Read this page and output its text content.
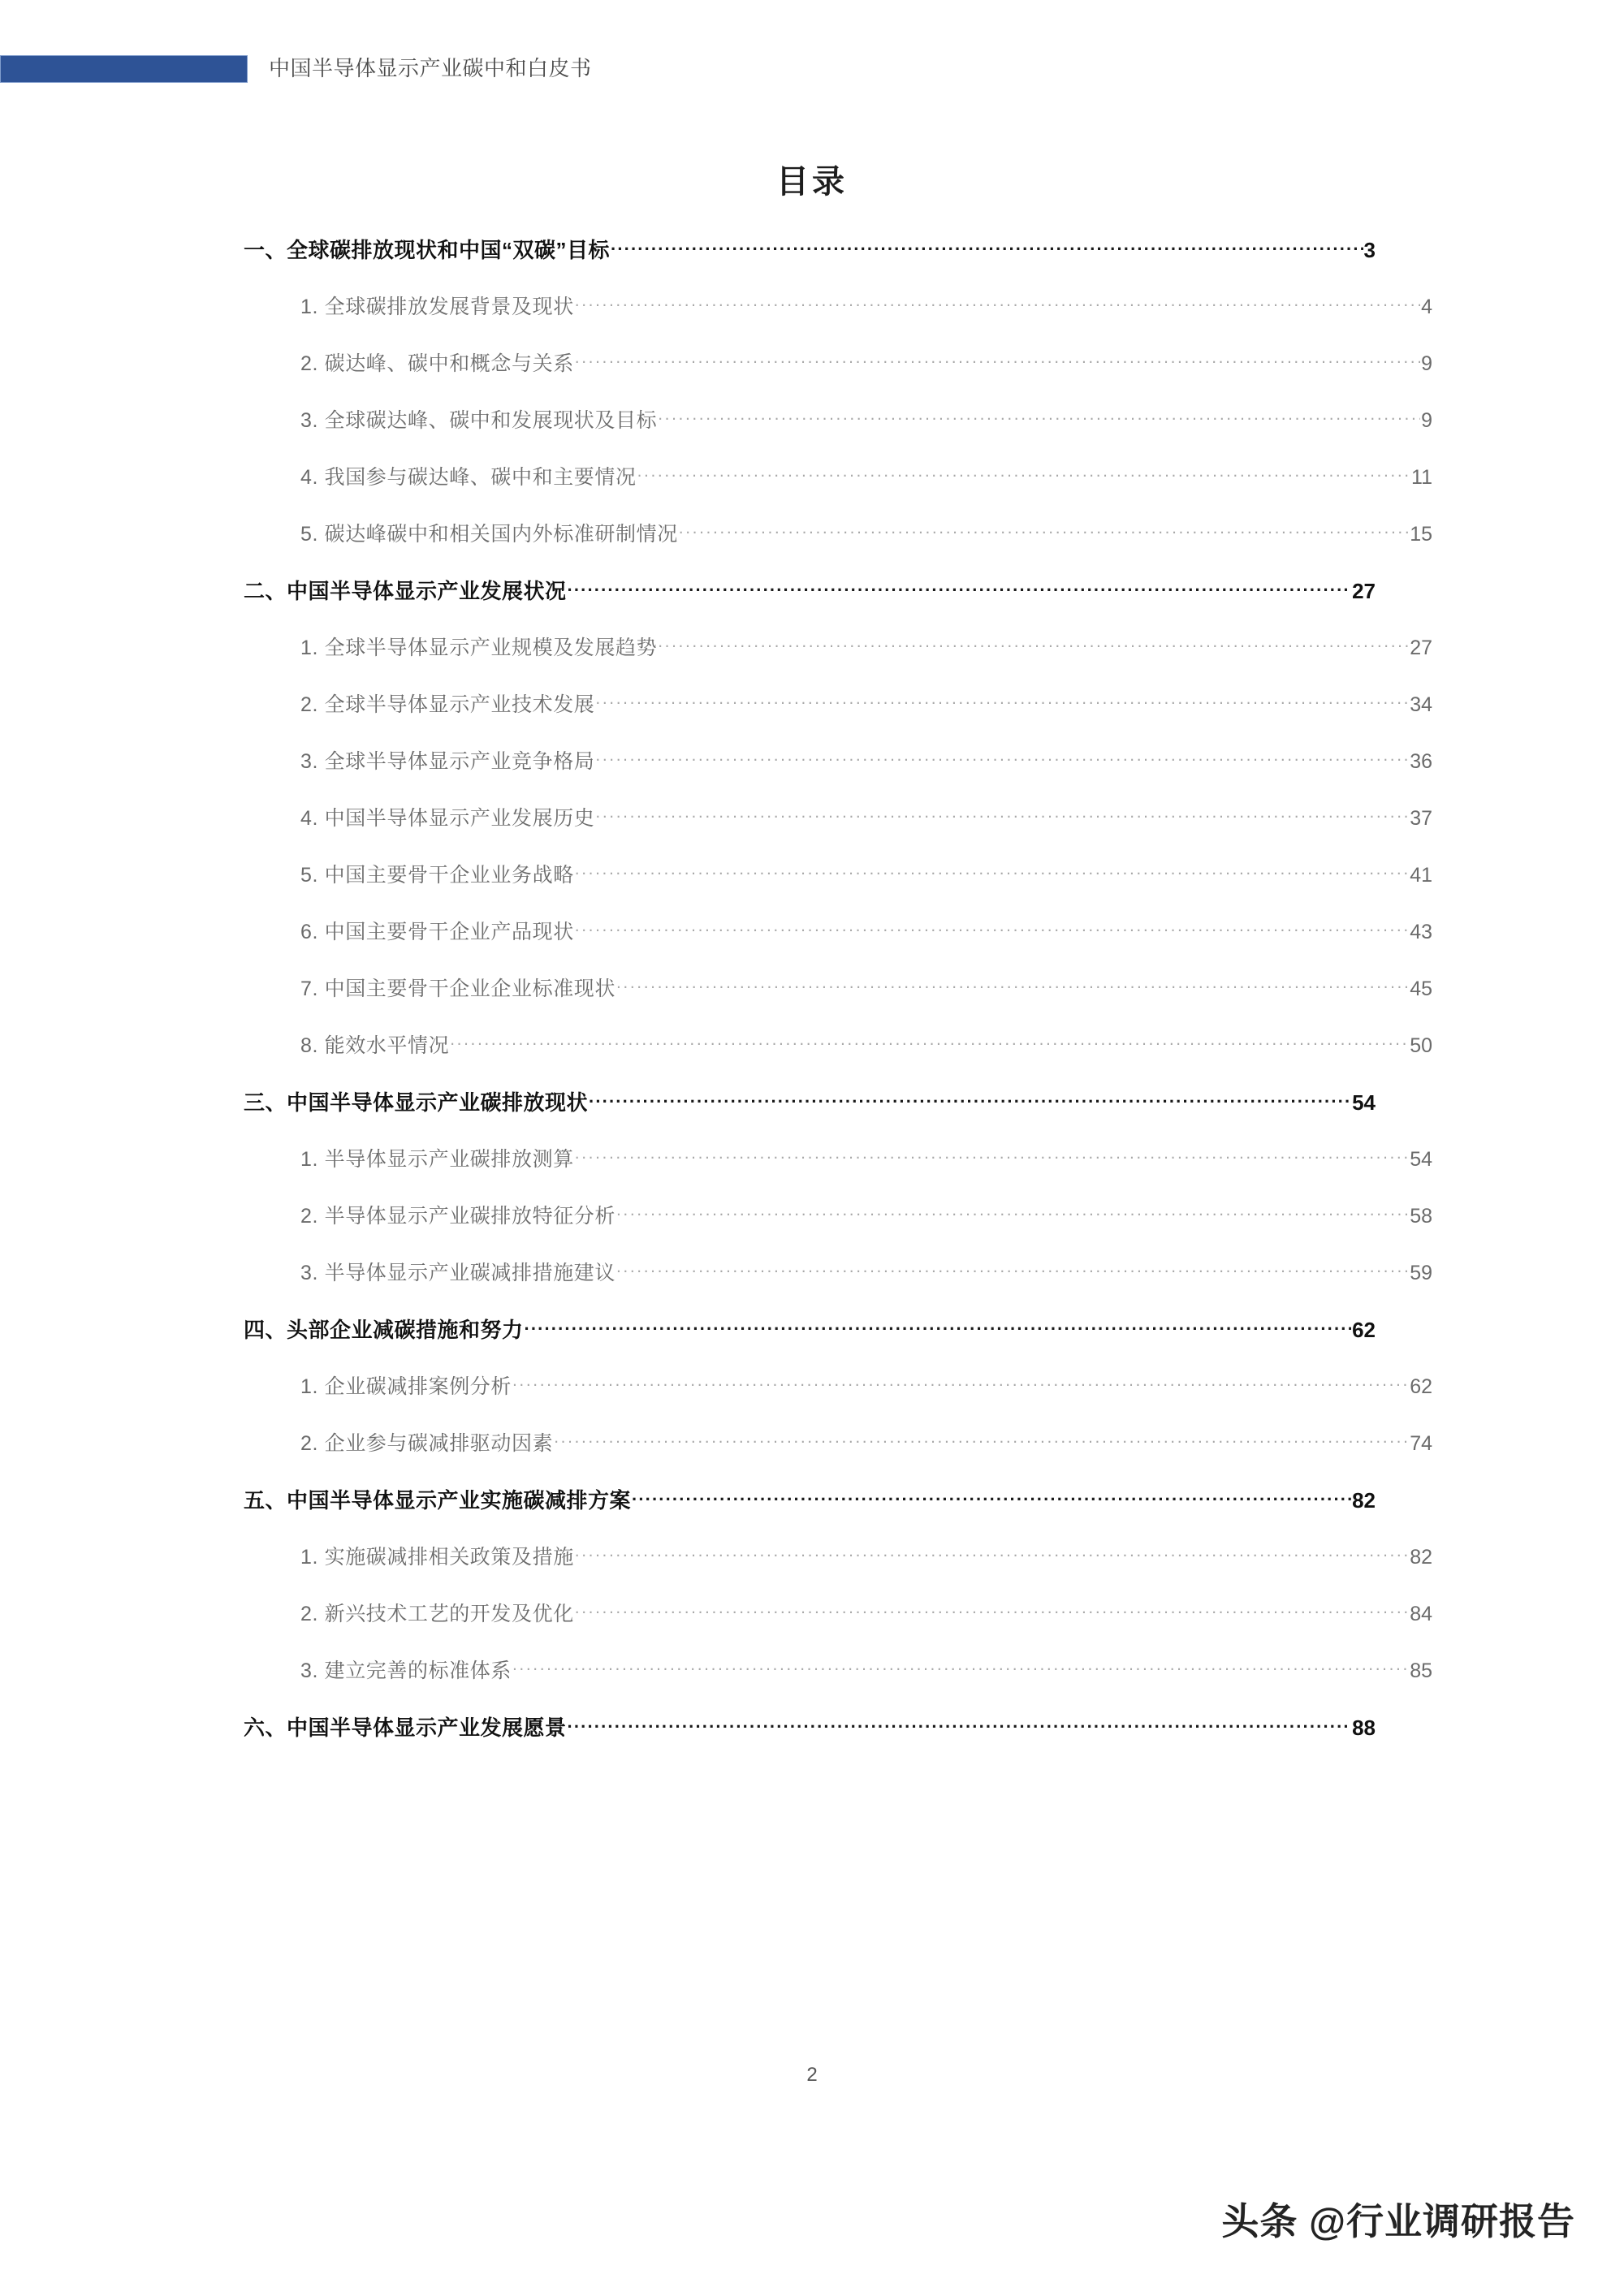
中国半导体显示产业碳中和白皮书
目录
一、全球碳排放现状和中国“双碳”目标 .....	3
1. 全球碳排放发展背景及现状 .....	4
2. 碳达峰、碳中和概念与关系 .....	9
3. 全球碳达峰、碳中和发展现状及目标 .....	9
4. 我国参与碳达峰、碳中和主要情况 .....	11
5. 碳达峰碳中和相关国内外标准研制情况 .....	15
二、中国半导体显示产业发展状况 .....	27
1. 全球半导体显示产业规模及发展趋势 .....	27
2. 全球半导体显示产业技术发展 .....	34
3. 全球半导体显示产业竞争格局 .....	36
4. 中国半导体显示产业发展历史 .....	37
5. 中国主要骨干企业业务战略 .....	41
6. 中国主要骨干企业产品现状 .....	43
7. 中国主要骨干企业企业标准现状 .....	45
8. 能效水平情况 .....	50
三、中国半导体显示产业碳排放现状 .....	54
1. 半导体显示产业碳排放测算 .....	54
2. 半导体显示产业碳排放特征分析 .....	58
3. 半导体显示产业碳减排措施建议 .....	59
四、头部企业减碳措施和努力 .....	62
1. 企业碳减排案例分析 .....	62
2. 企业参与碳减排驱动因素 .....	74
五、中国半导体显示产业实施碳减排方案 .....	82
1. 实施碳减排相关政策及措施 .....	82
2. 新兴技术工艺的开发及优化 .....	84
3. 建立完善的标准体系 .....	85
六、中国半导体显示产业发展愿景 .....	88
2
头条 @行业调研报告
